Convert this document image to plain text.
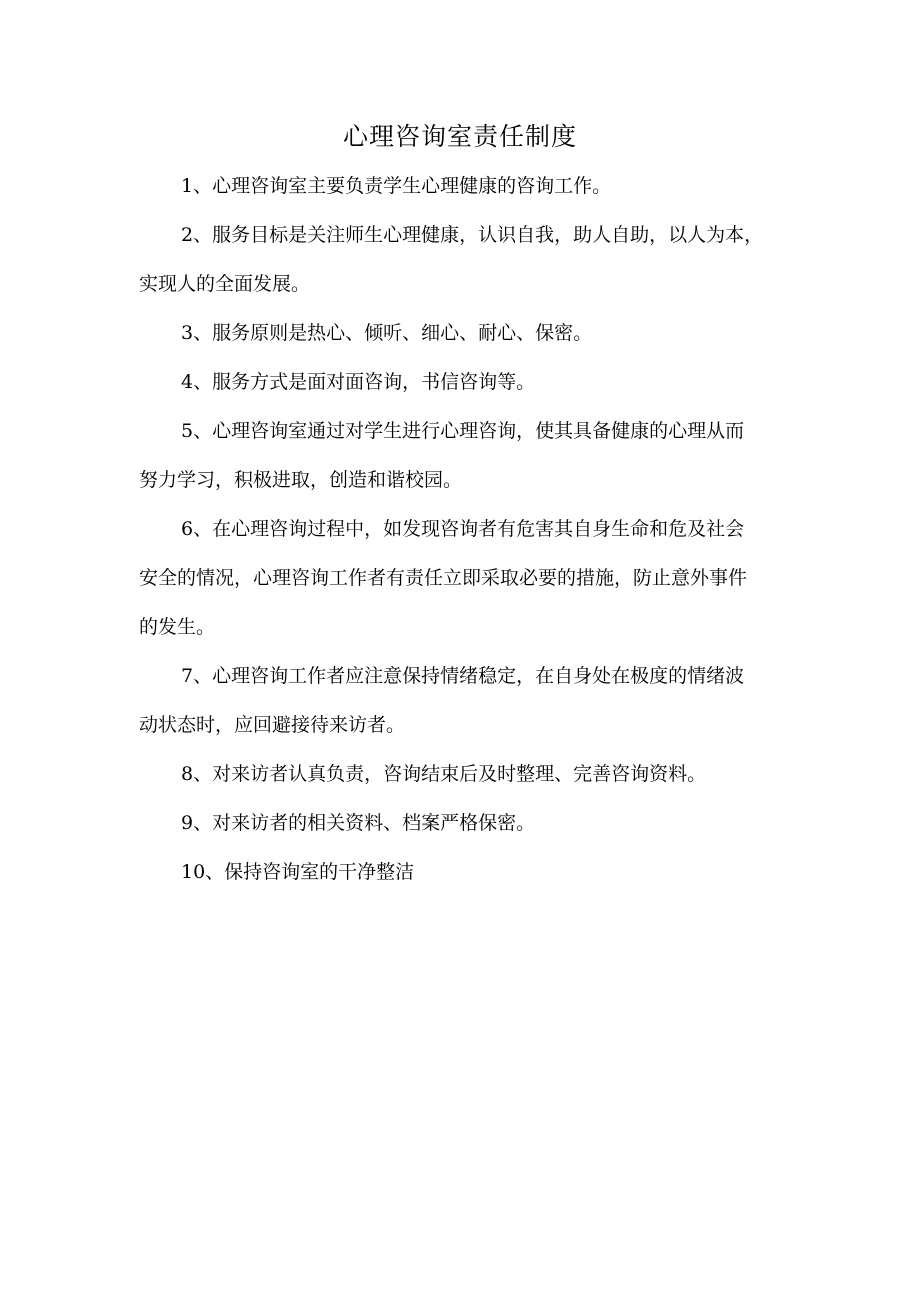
心理咨询室责任制度

1、心理咨询室主要负责学生心理健康的咨询工作。

2、服务目标是关注师生心理健康，认识自我，助人自助，以人为本，
实现人的全面发展。

3、服务原则是热心、倾听、细心、耐心、保密。

4、服务方式是面对面咨询，书信咨询等。

5、心理咨询室通过对学生进行心理咨询，使其具备健康的心理从而
努力学习，积极进取，创造和谐校园。

6、在心理咨询过程中，如发现咨询者有危害其自身生命和危及社会
安全的情况，心理咨询工作者有责任立即采取必要的措施，防止意外事件
的发生。

7、心理咨询工作者应注意保持情绪稳定，在自身处在极度的情绪波
动状态时，应回避接待来访者。

8、对来访者认真负责，咨询结束后及时整理、完善咨询资料。

9、对来访者的相关资料、档案严格保密。

10、保持咨询室的干净整洁
